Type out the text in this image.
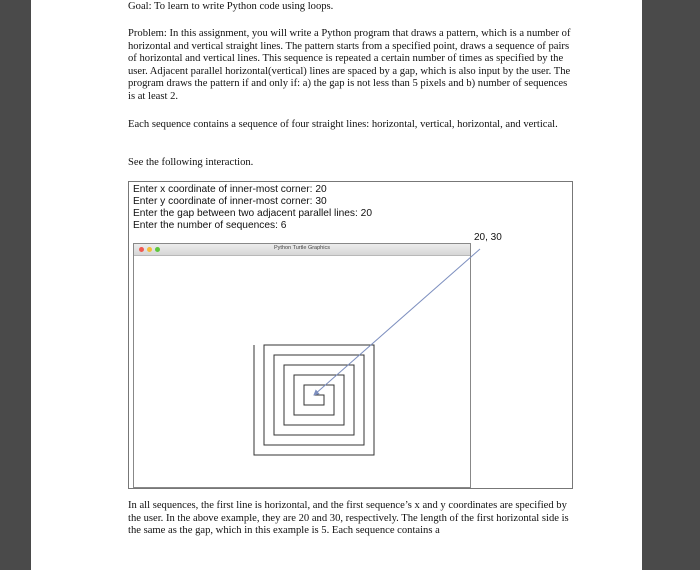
Goal: To learn to write Python code using loops.

Problem: In this assignment, you will write a Python program that draws a pattern, which is a number of horizontal and vertical straight lines. The pattern starts from a specified point, draws a sequence of pairs of horizontal and vertical lines. This sequence is repeated a certain number of times as specified by the user. Adjacent parallel horizontal(vertical) lines are spaced by a gap, which is also input by the user. The program draws the pattern if and only if: a) the gap is not less than 5 pixels and b) number of sequences is at least 2.

Each sequence contains a sequence of four straight lines: horizontal, vertical, horizontal, and vertical.

See the following interaction.

In all sequences, the first line is horizontal, and the first sequence’s x and y coordinates are specified by the user. In the above example, they are 20 and 30, respectively. The length of the first horizontal side is the same as the gap, which in this example is 5. Each sequence contains a

Enter x coordinate of inner-most corner: 20
Enter y coordinate of inner-most corner: 30
Enter the gap between two adjacent parallel lines: 20
Enter the number of sequences: 6
20, 30
Python Turtle Graphics
